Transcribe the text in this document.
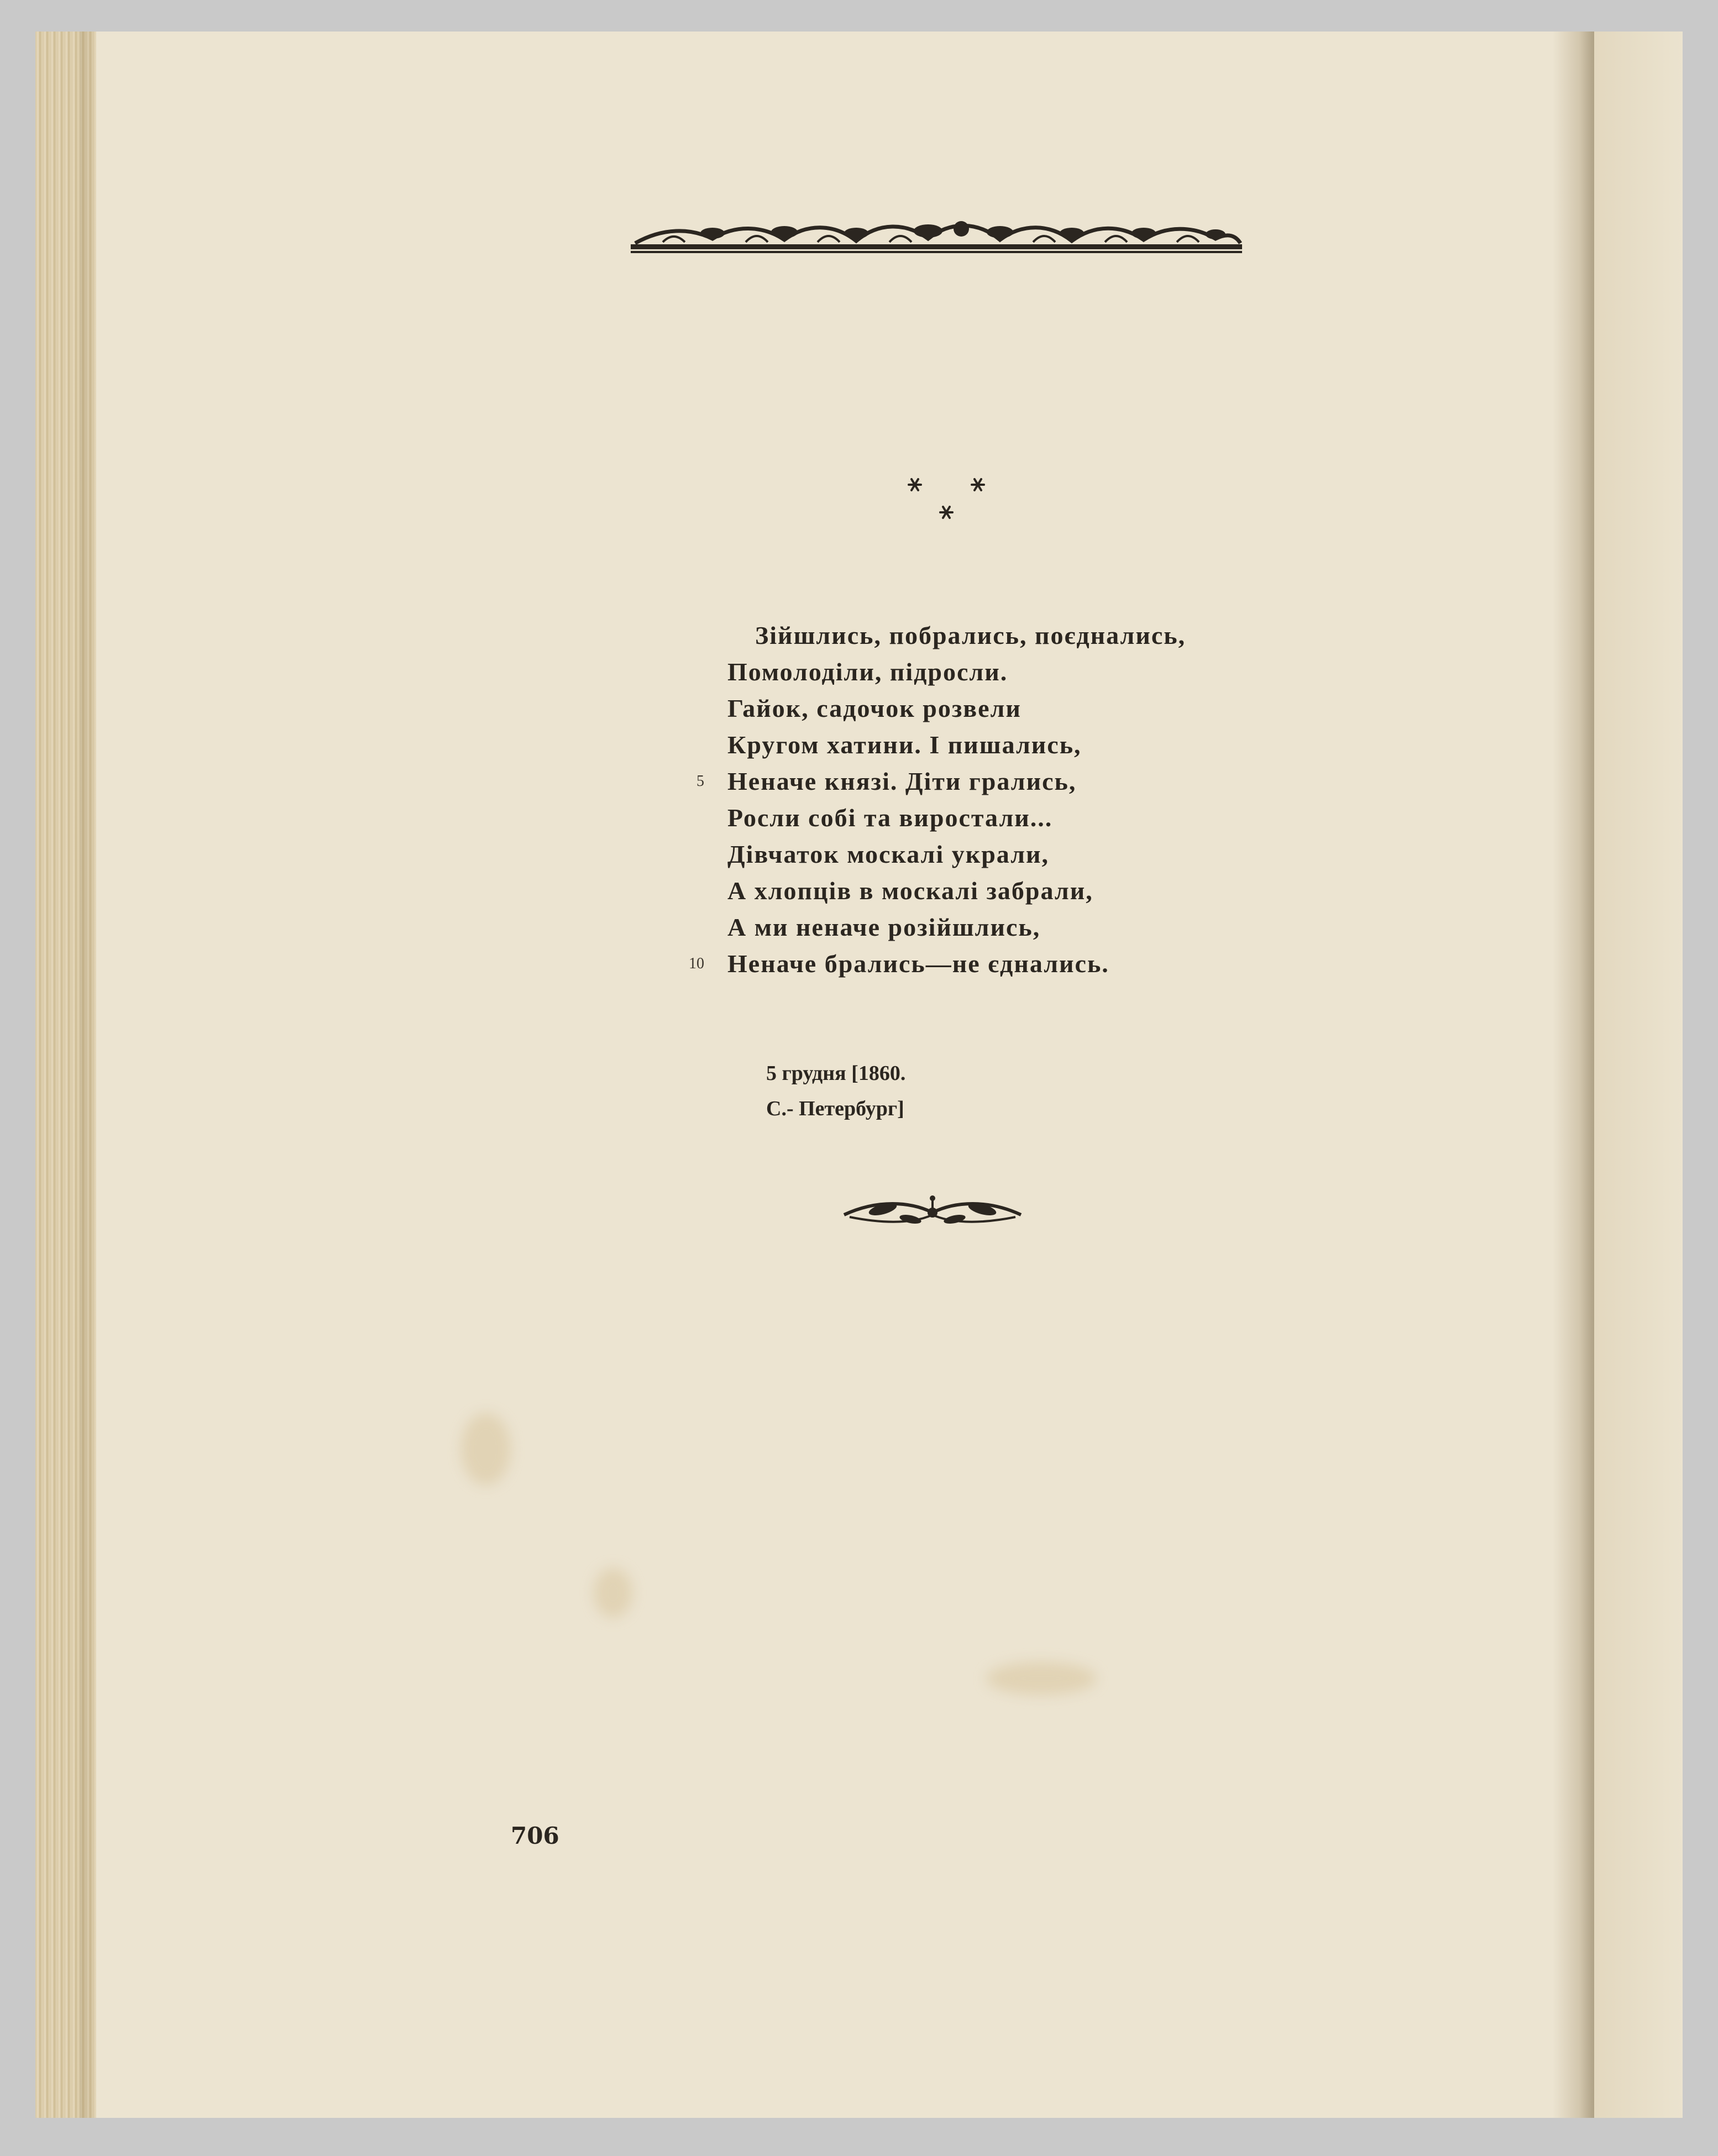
Зійшлись, побрались, поєднались,
Помолоділи, підросли.
Гайок, садочок розвели
Кругом хатини. І пишались,
5 Неначе князі. Діти грались,
Росли собі та виростали...
Дівчаток москалі украли,
А хлопців в москалі забрали,
А ми неначе розійшлись,
10 Неначе брались—не єднались.
5 грудня [1860.
С.- Петербург]
706
